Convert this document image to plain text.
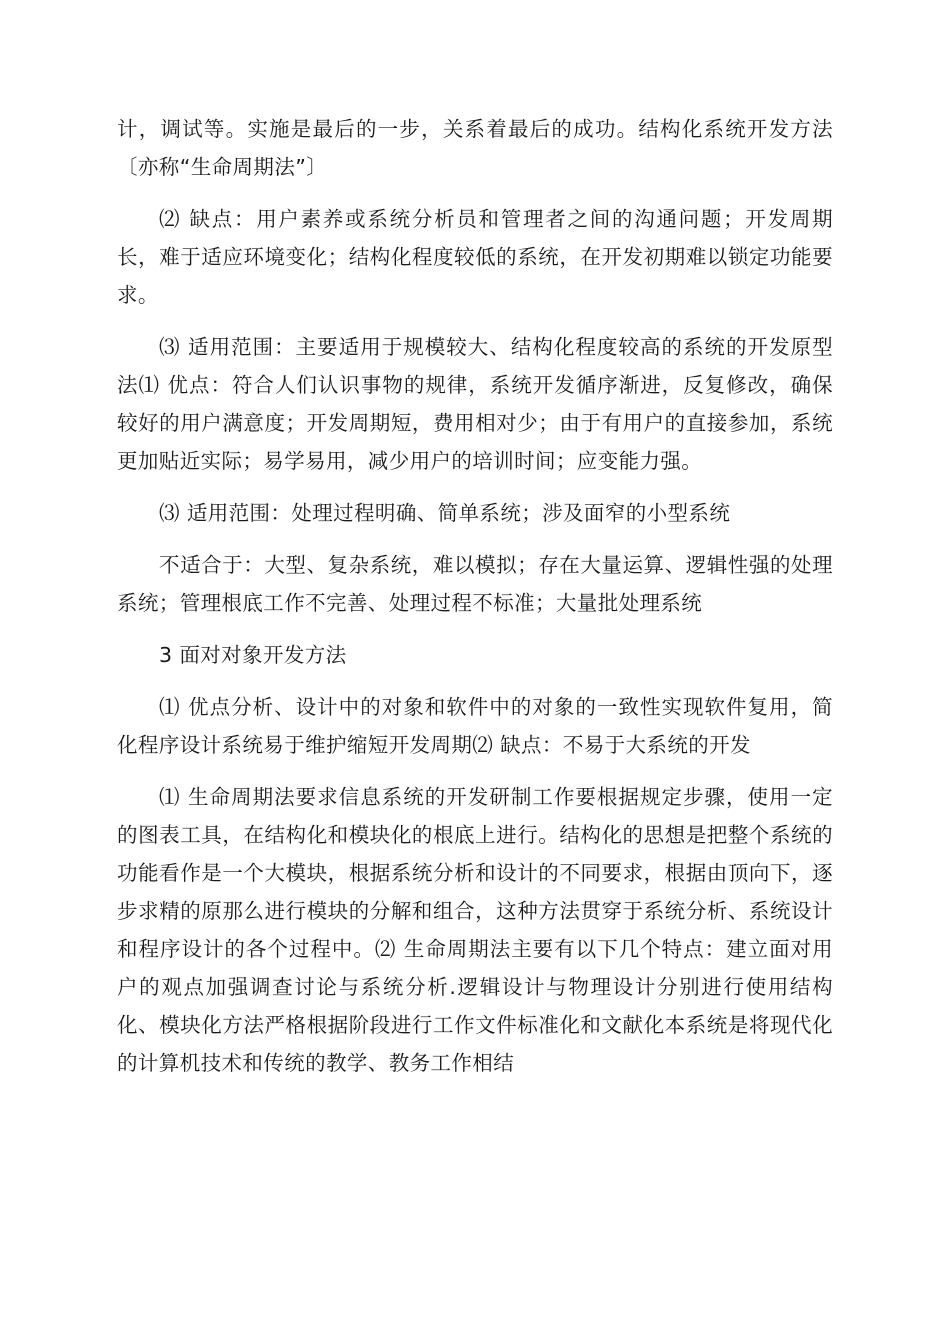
计，调试等。实施是最后的一步，关系着最后的成功。结构化系统开发方法〔亦称“生命周期法”〕

⑵ 缺点：用户素养或系统分析员和管理者之间的沟通问题；开发周期长，难于适应环境变化；结构化程度较低的系统，在开发初期难以锁定功能要求。

⑶ 适用范围：主要适用于规模较大、结构化程度较高的系统的开发原型法⑴ 优点：符合人们认识事物的规律，系统开发循序渐进，反复修改，确保较好的用户满意度；开发周期短，费用相对少；由于有用户的直接参加，系统更加贴近实际；易学易用，减少用户的培训时间；应变能力强。

⑶ 适用范围：处理过程明确、简单系统；涉及面窄的小型系统

不适合于：大型、复杂系统，难以模拟；存在大量运算、逻辑性强的处理系统；管理根底工作不完善、处理过程不标准；大量批处理系统

3 面对对象开发方法

⑴ 优点分析、设计中的对象和软件中的对象的一致性实现软件复用，简化程序设计系统易于维护缩短开发周期⑵ 缺点：不易于大系统的开发

⑴ 生命周期法要求信息系统的开发研制工作要根据规定步骤，使用一定的图表工具，在结构化和模块化的根底上进行。结构化的思想是把整个系统的功能看作是一个大模块，根据系统分析和设计的不同要求，根据由顶向下，逐步求精的原那么进行模块的分解和组合，这种方法贯穿于系统分析、系统设计和程序设计的各个过程中。⑵ 生命周期法主要有以下几个特点：建立面对用户的观点加强调查讨论与系统分析.逻辑设计与物理设计分别进行使用结构化、模块化方法严格根据阶段进行工作文件标准化和文献化本系统是将现代化的计算机技术和传统的教学、教务工作相结
